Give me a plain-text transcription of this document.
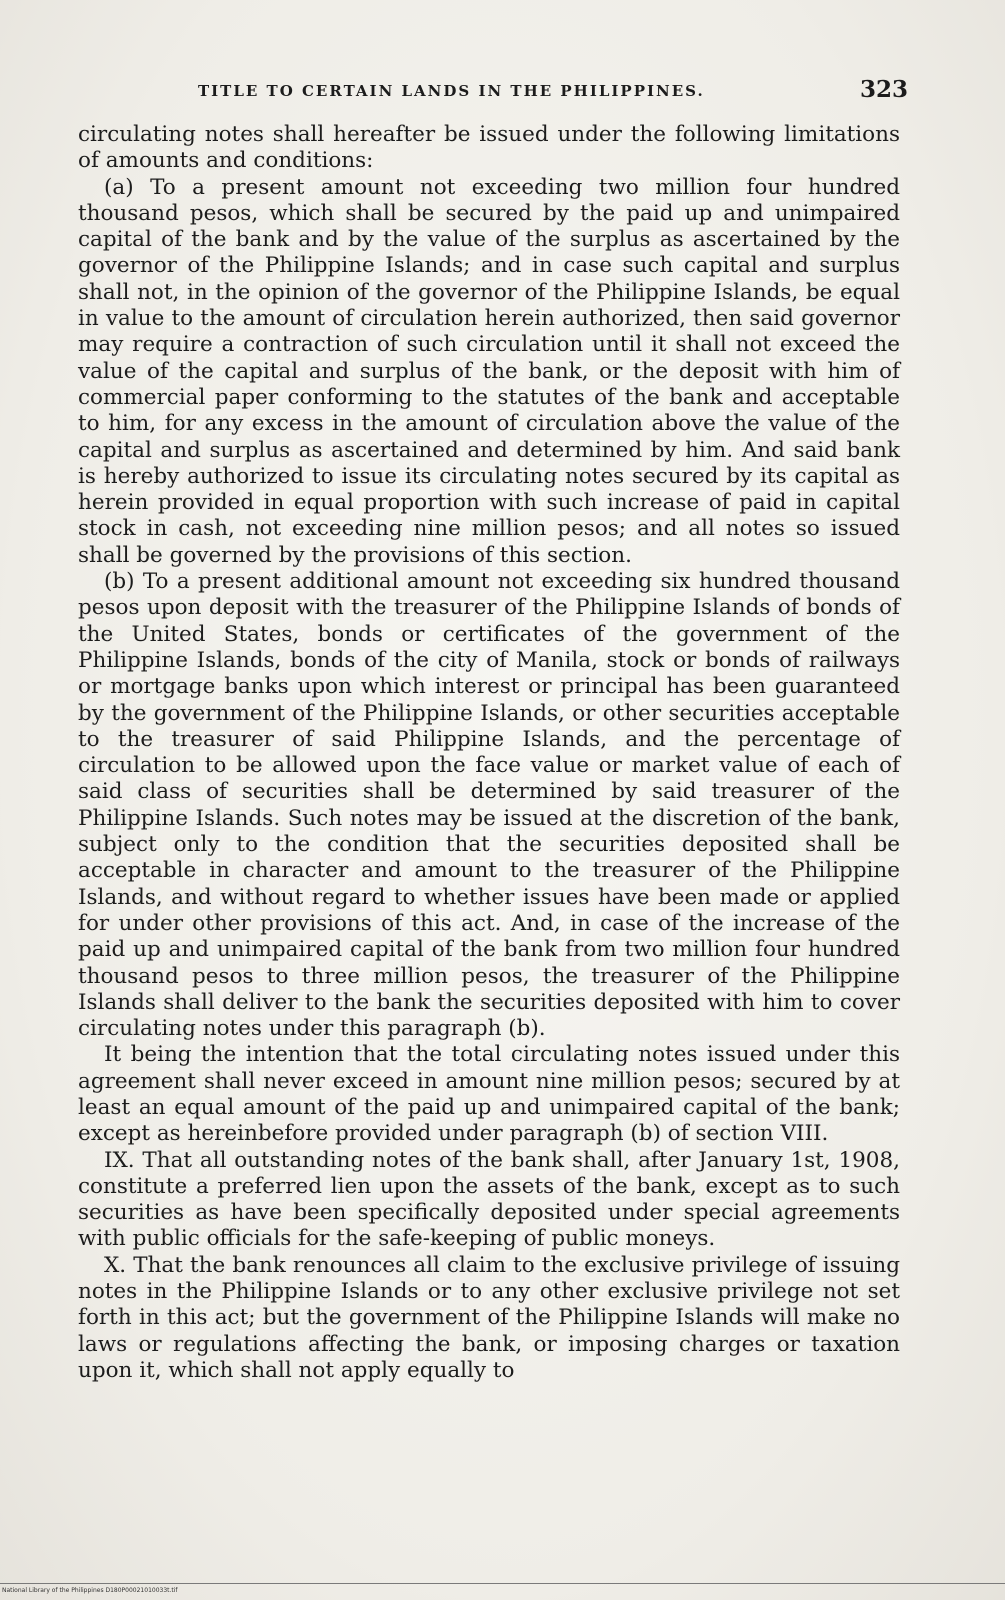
TITLE TO CERTAIN LANDS IN THE PHILIPPINES.	323

circulating notes shall hereafter be issued under the following limitations of amounts and conditions:

(a) To a present amount not exceeding two million four hundred thousand pesos, which shall be secured by the paid up and unimpaired capital of the bank and by the value of the surplus as ascertained by the governor of the Philippine Islands; and in case such capital and surplus shall not, in the opinion of the governor of the Philippine Islands, be equal in value to the amount of circulation herein authorized, then said governor may require a contraction of such circulation until it shall not exceed the value of the capital and surplus of the bank, or the deposit with him of commercial paper conforming to the statutes of the bank and acceptable to him, for any excess in the amount of circulation above the value of the capital and surplus as ascertained and determined by him. And said bank is hereby authorized to issue its circulating notes secured by its capital as herein provided in equal proportion with such increase of paid in capital stock in cash, not exceeding nine million pesos; and all notes so issued shall be governed by the provisions of this section.

(b) To a present additional amount not exceeding six hundred thousand pesos upon deposit with the treasurer of the Philippine Islands of bonds of the United States, bonds or certificates of the government of the Philippine Islands, bonds of the city of Manila, stock or bonds of railways or mortgage banks upon which interest or principal has been guaranteed by the government of the Philippine Islands, or other securities acceptable to the treasurer of said Philippine Islands, and the percentage of circulation to be allowed upon the face value or market value of each of said class of securities shall be determined by said treasurer of the Philippine Islands. Such notes may be issued at the discretion of the bank, subject only to the condition that the securities deposited shall be acceptable in character and amount to the treasurer of the Philippine Islands, and without regard to whether issues have been made or applied for under other provisions of this act. And, in case of the increase of the paid up and unimpaired capital of the bank from two million four hundred thousand pesos to three million pesos, the treasurer of the Philippine Islands shall deliver to the bank the securities deposited with him to cover circulating notes under this paragraph (b).

It being the intention that the total circulating notes issued under this agreement shall never exceed in amount nine million pesos; secured by at least an equal amount of the paid up and unimpaired capital of the bank; except as hereinbefore provided under paragraph (b) of section VIII.

IX. That all outstanding notes of the bank shall, after January 1st, 1908, constitute a preferred lien upon the assets of the bank, except as to such securities as have been specifically deposited under special agreements with public officials for the safe-keeping of public moneys.

X. That the bank renounces all claim to the exclusive privilege of issuing notes in the Philippine Islands or to any other exclusive privilege not set forth in this act; but the government of the Philippine Islands will make no laws or regulations affecting the bank, or imposing charges or taxation upon it, which shall not apply equally to

National Library of the Philippines D180P00021010033t.tif
